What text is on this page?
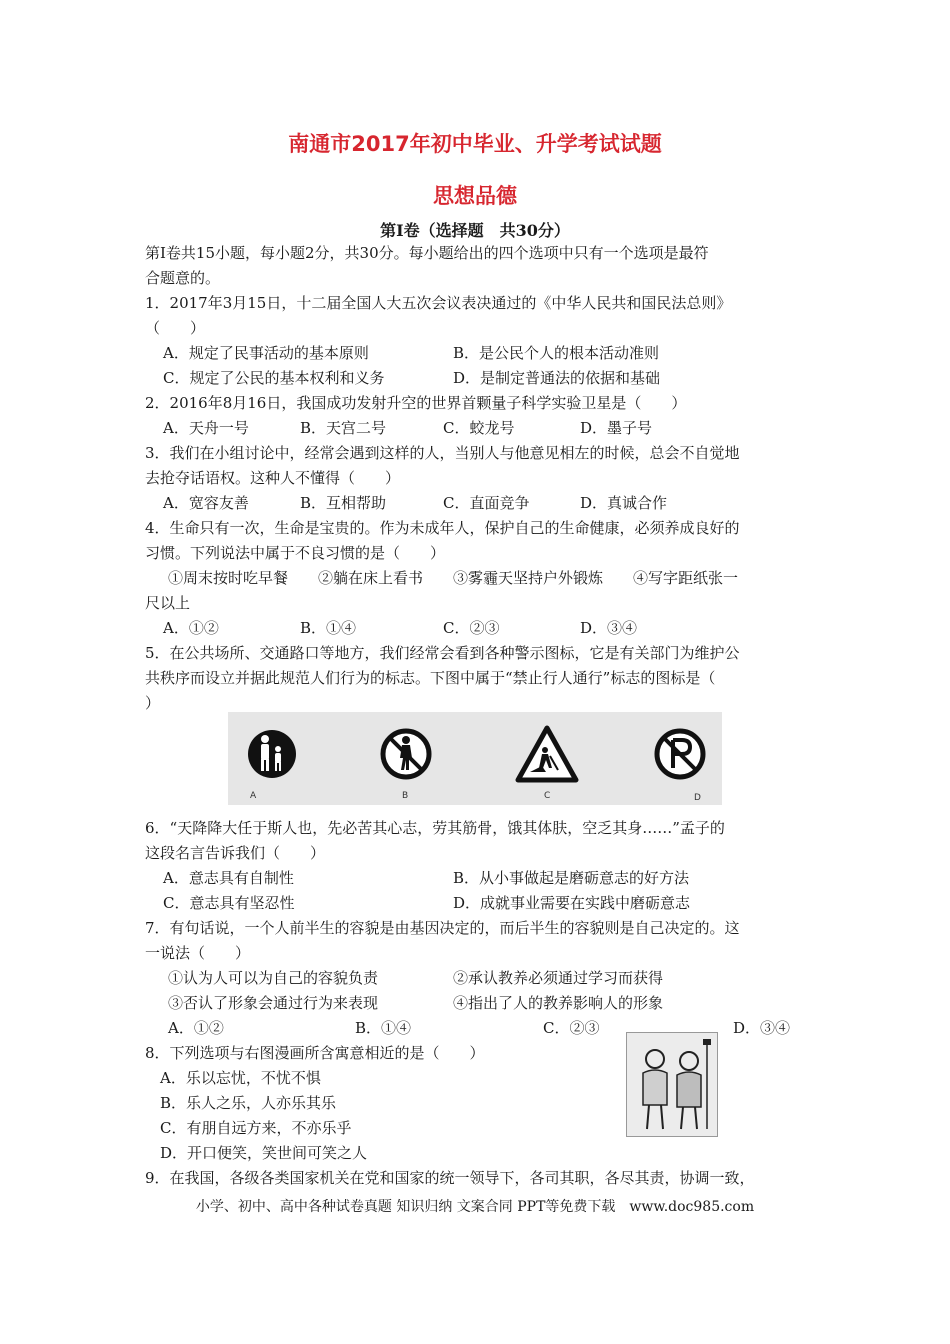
南通市2017年初中毕业、升学考试试题
思想品德
第Ⅰ卷（选择题　共30分）
第Ⅰ卷共15小题，每小题2分，共30分。每小题给出的四个选项中只有一个选项是最符
合题意的。
1．2017年3月15日，十二届全国人大五次会议表决通过的《中华人民共和国民法总则》
（　　）
A．规定了民事活动的基本原则	B．是公民个人的根本活动准则
C．规定了公民的基本权利和义务	D．是制定普通法的依据和基础
2．2016年8月16日，我国成功发射升空的世界首颗量子科学实验卫星是（　　）
A．天舟一号	B．天宫二号	C．蛟龙号	D．墨子号
3．我们在小组讨论中，经常会遇到这样的人，当别人与他意见相左的时候，总会不自觉地
去抢夺话语权。这种人不懂得（　　）
A．宽容友善	B．互相帮助	C．直面竞争	D．真诚合作
4．生命只有一次，生命是宝贵的。作为未成年人，保护自己的生命健康，必须养成良好的
习惯。下列说法中属于不良习惯的是（　　）
①周末按时吃早餐　　②躺在床上看书　　③雾霾天坚持户外锻炼　　④写字距纸张一
尺以上
A．①②	B．①④	C．②③	D．③④
5．在公共场所、交通路口等地方，我们经常会看到各种警示图标，它是有关部门为维护公
共秩序而设立并据此规范人们行为的标志。下图中属于“禁止行人通行”标志的图标是（
）
A	B	C	D
6．“天降降大任于斯人也，先必苦其心志，劳其筋骨，饿其体肤，空乏其身……”孟子的
这段名言告诉我们（　　）
A．意志具有自制性	B．从小事做起是磨砺意志的好方法
C．意志具有坚忍性	D．成就事业需要在实践中磨砺意志
7．有句话说，一个人前半生的容貌是由基因决定的，而后半生的容貌则是自己决定的。这
一说法（　　）
①认为人可以为自己的容貌负责	②承认教养必须通过学习而获得
③否认了形象会通过行为来表现	④指出了人的教养影响人的形象
A．①②	B．①④	C．②③	D．③④
8．下列选项与右图漫画所含寓意相近的是（　　）
A．乐以忘忧，不忧不惧
B．乐人之乐，人亦乐其乐
C．有朋自远方来，不亦乐乎
D．开口便笑，笑世间可笑之人
9．在我国，各级各类国家机关在党和国家的统一领导下，各司其职，各尽其责，协调一致，
小学、初中、高中各种试卷真题 知识归纳 文案合同 PPT等免费下载　www.doc985.com
